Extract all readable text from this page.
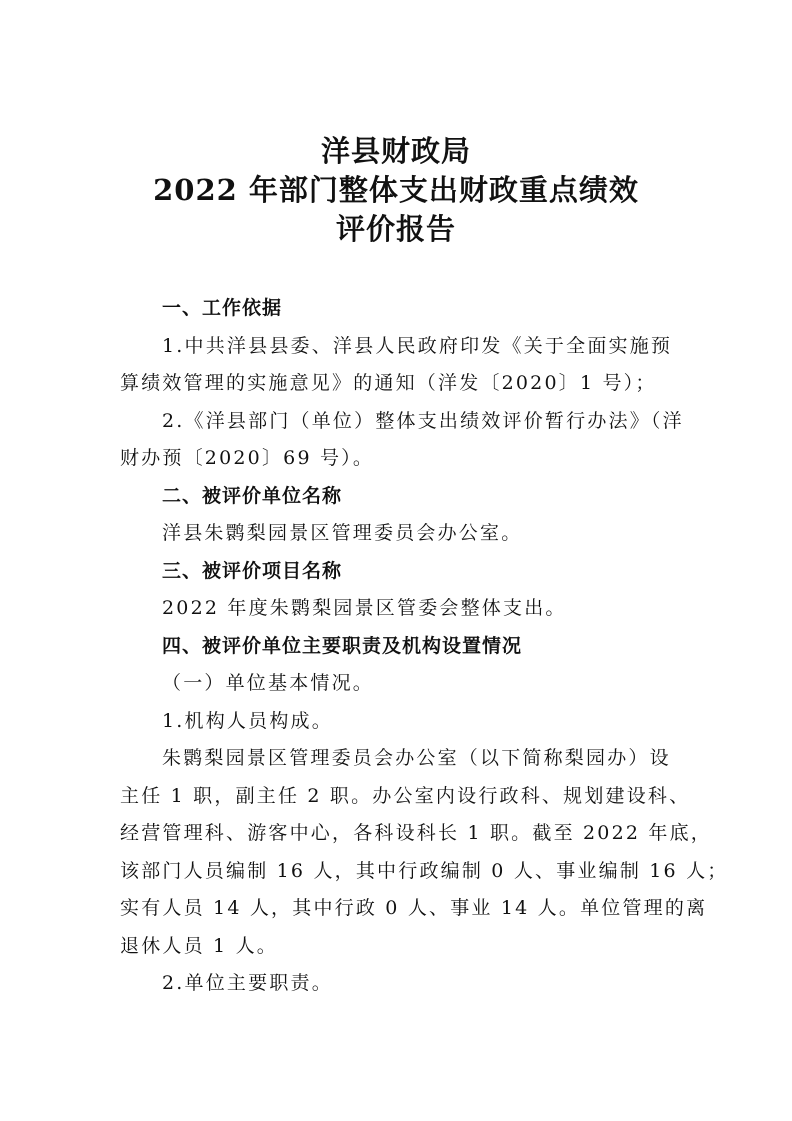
洋县财政局
2022 年部门整体支出财政重点绩效
评价报告
一、工作依据
1.中共洋县县委、洋县人民政府印发《关于全面实施预
算绩效管理的实施意见》的通知（洋发〔2020〕1 号）；
2.《洋县部门（单位）整体支出绩效评价暂行办法》（洋
财办预〔2020〕69 号）。
二、被评价单位名称
洋县朱鹮梨园景区管理委员会办公室。
三、被评价项目名称
2022 年度朱鹮梨园景区管委会整体支出。
四、被评价单位主要职责及机构设置情况
（一）单位基本情况。
1.机构人员构成。
朱鹮梨园景区管理委员会办公室（以下简称梨园办）设
主任 1 职，副主任 2 职。办公室内设行政科、规划建设科、
经营管理科、游客中心，各科设科长 1 职。截至 2022 年底，
该部门人员编制 16 人，其中行政编制 0 人、事业编制 16 人；
实有人员 14 人，其中行政 0 人、事业 14 人。单位管理的离
退休人员 1 人。
2.单位主要职责。
